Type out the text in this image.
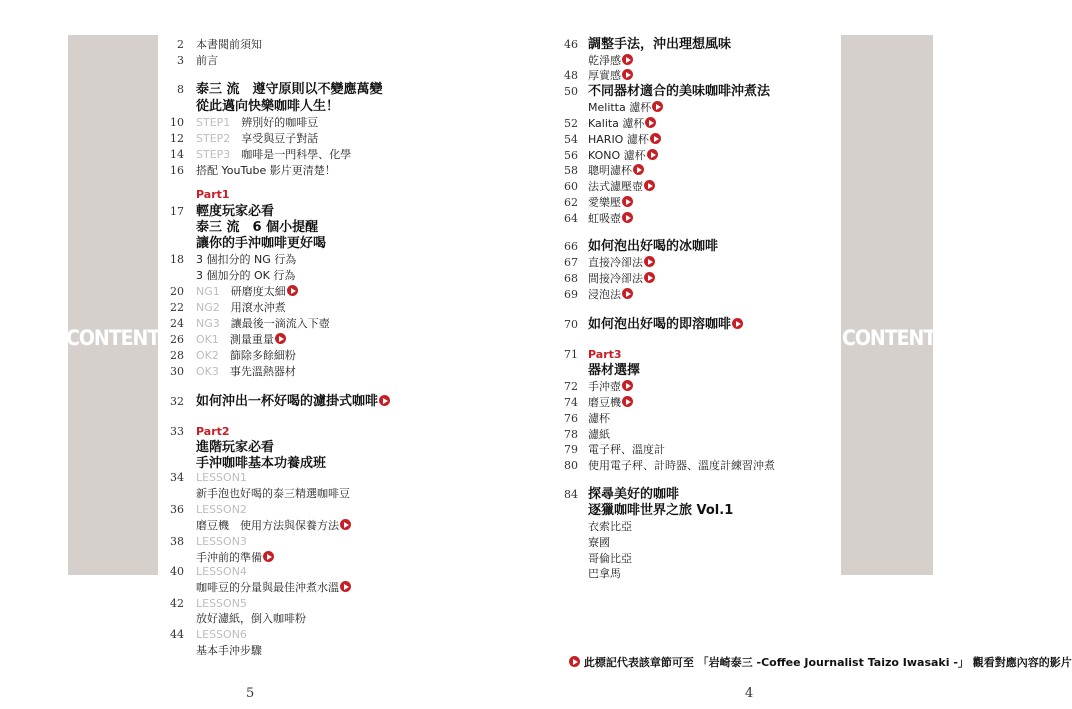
CONTENTS
2 本書閱前須知
3 前言
8 泰三 流　遵守原則以不變應萬變
從此邁向快樂咖啡人生！
10 STEP1　辨別好的咖啡豆
12 STEP2　享受與豆子對話
14 STEP3　咖啡是一門科學、化學
16 搭配 YouTube 影片更清楚！
Part1
17 輕度玩家必看
泰三 流　6 個小提醒
讓你的手沖咖啡更好喝
18 3 個扣分的 NG 行為
3 個加分的 OK 行為
20 NG1　研磨度太細
22 NG2　用滾水沖煮
24 NG3　讓最後一滴流入下壺
26 OK1　測量重量
28 OK2　篩除多餘細粉
30 OK3　事先溫熱器材
32 如何沖出一杯好喝的濾掛式咖啡
33 Part2
進階玩家必看
手沖咖啡基本功養成班
34 LESSON1
新手泡也好喝的泰三精選咖啡豆
36 LESSON2
磨豆機　使用方法與保養方法
38 LESSON3
手沖前的準備
40 LESSON4
咖啡豆的分量與最佳沖煮水溫
42 LESSON5
放好濾紙，倒入咖啡粉
44 LESSON6
基本手沖步驟
5
CONTENTS
46 調整手法，沖出理想風味
乾淨感
48 厚實感
50 不同器材適合的美味咖啡沖煮法
Melitta 濾杯
52 Kalita 濾杯
54 HARIO 濾杯
56 KONO 濾杯
58 聰明濾杯
60 法式濾壓壺
62 愛樂壓
64 虹吸壺
66 如何泡出好喝的冰咖啡
67 直接冷卻法
68 間接冷卻法
69 浸泡法
70 如何泡出好喝的即溶咖啡
71 Part3
器材選擇
72 手沖壺
74 磨豆機
76 濾杯
78 濾紙
79 電子秤、溫度計
80 使用電子秤、計時器、溫度計練習沖煮
84 探尋美好的咖啡
逐獵咖啡世界之旅 Vol.1
衣索比亞
寮國
哥倫比亞
巴拿馬
此標記代表該章節可至 「岩崎泰三 -Coffee Journalist Taizo Iwasaki -」 觀看對應內容的影片
4
